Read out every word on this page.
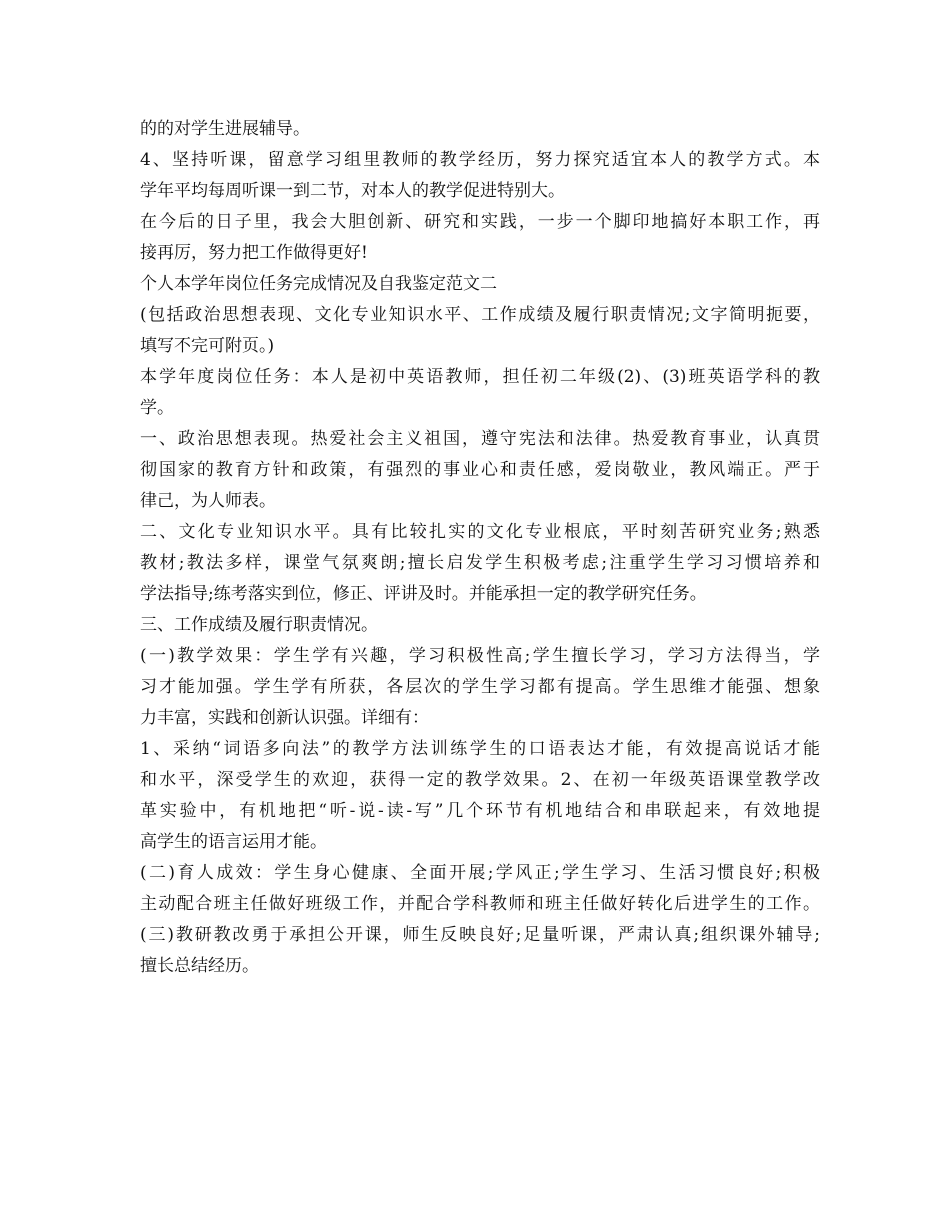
的的对学生进展辅导。
4、坚持听课，留意学习组里教师的教学经历，努力探究适宜本人的教学方式。本
学年平均每周听课一到二节，对本人的教学促进特别大。
在今后的日子里，我会大胆创新、研究和实践，一步一个脚印地搞好本职工作，再
接再厉，努力把工作做得更好!
个人本学年岗位任务完成情况及自我鉴定范文二
(包括政治思想表现、文化专业知识水平、工作成绩及履行职责情况;文字简明扼要，
填写不完可附页。)
本学年度岗位任务：本人是初中英语教师，担任初二年级(2)、(3)班英语学科的教
学。
一、政治思想表现。热爱社会主义祖国，遵守宪法和法律。热爱教育事业，认真贯
彻国家的教育方针和政策，有强烈的事业心和责任感，爱岗敬业，教风端正。严于
律己，为人师表。
二、文化专业知识水平。具有比较扎实的文化专业根底，平时刻苦研究业务;熟悉
教材;教法多样，课堂气氛爽朗;擅长启发学生积极考虑;注重学生学习习惯培养和
学法指导;练考落实到位，修正、评讲及时。并能承担一定的教学研究任务。
三、工作成绩及履行职责情况。
(一)教学效果：学生学有兴趣，学习积极性高;学生擅长学习，学习方法得当，学
习才能加强。学生学有所获，各层次的学生学习都有提高。学生思维才能强、想象
力丰富，实践和创新认识强。详细有：
1、采纳“词语多向法”的教学方法训练学生的口语表达才能，有效提高说话才能
和水平，深受学生的欢迎，获得一定的教学效果。2、在初一年级英语课堂教学改
革实验中，有机地把“听-说-读-写”几个环节有机地结合和串联起来，有效地提
高学生的语言运用才能。
(二)育人成效：学生身心健康、全面开展;学风正;学生学习、生活习惯良好;积极
主动配合班主任做好班级工作，并配合学科教师和班主任做好转化后进学生的工作。
(三)教研教改勇于承担公开课，师生反映良好;足量听课，严肃认真;组织课外辅导;
擅长总结经历。
